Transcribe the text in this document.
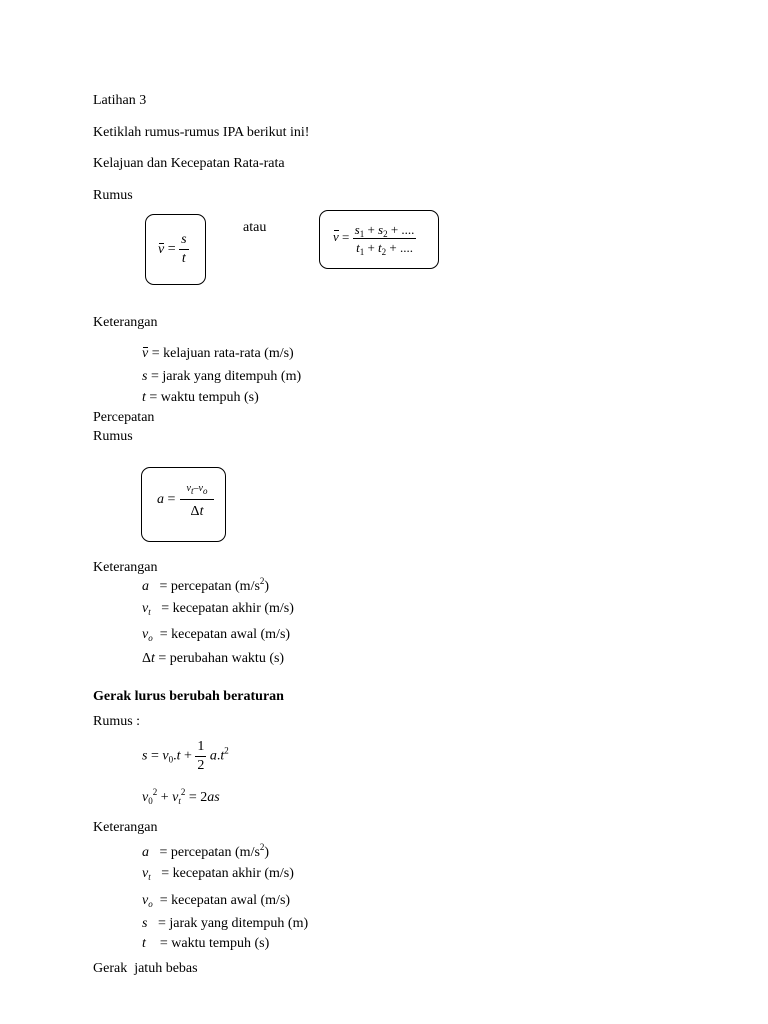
Latihan 3
Ketiklah rumus-rumus IPA berikut ini!
Kelajuan dan Kecepatan Rata-rata
Rumus
$v = \frac{s}{t}$
atau
$v = \frac{s_1 + s_2 + ....}{t_1 + t_2 + ....}$
Keterangan
v = kelajuan rata-rata (m/s)
s = jarak yang ditempuh (m)
t = waktu tempuh (s)
Percepatan
Rumus
a =
$v_t-v_o$
Δt
Keterangan
a = percepatan $(m/s^2)$
$v_t$ = kecepatan akhir (m/s)
$v_o$ = kecepatan awal (m/s)
Δt = perubahan waktu (s)
Gerak lurus berubah beraturan
Rumus :
$s = v_0.t + \frac{1}{2} a.t^2$
$v_0^2 + v_t^2 = 2as$
Keterangan
a = percepatan $(m/s^2)$
$v_t$ = kecepatan akhir (m/s)
$v_o$ = kecepatan awal (m/s)
s = jarak yang ditempuh (m)
t = waktu tempuh (s)
Gerak  jatuh bebas
